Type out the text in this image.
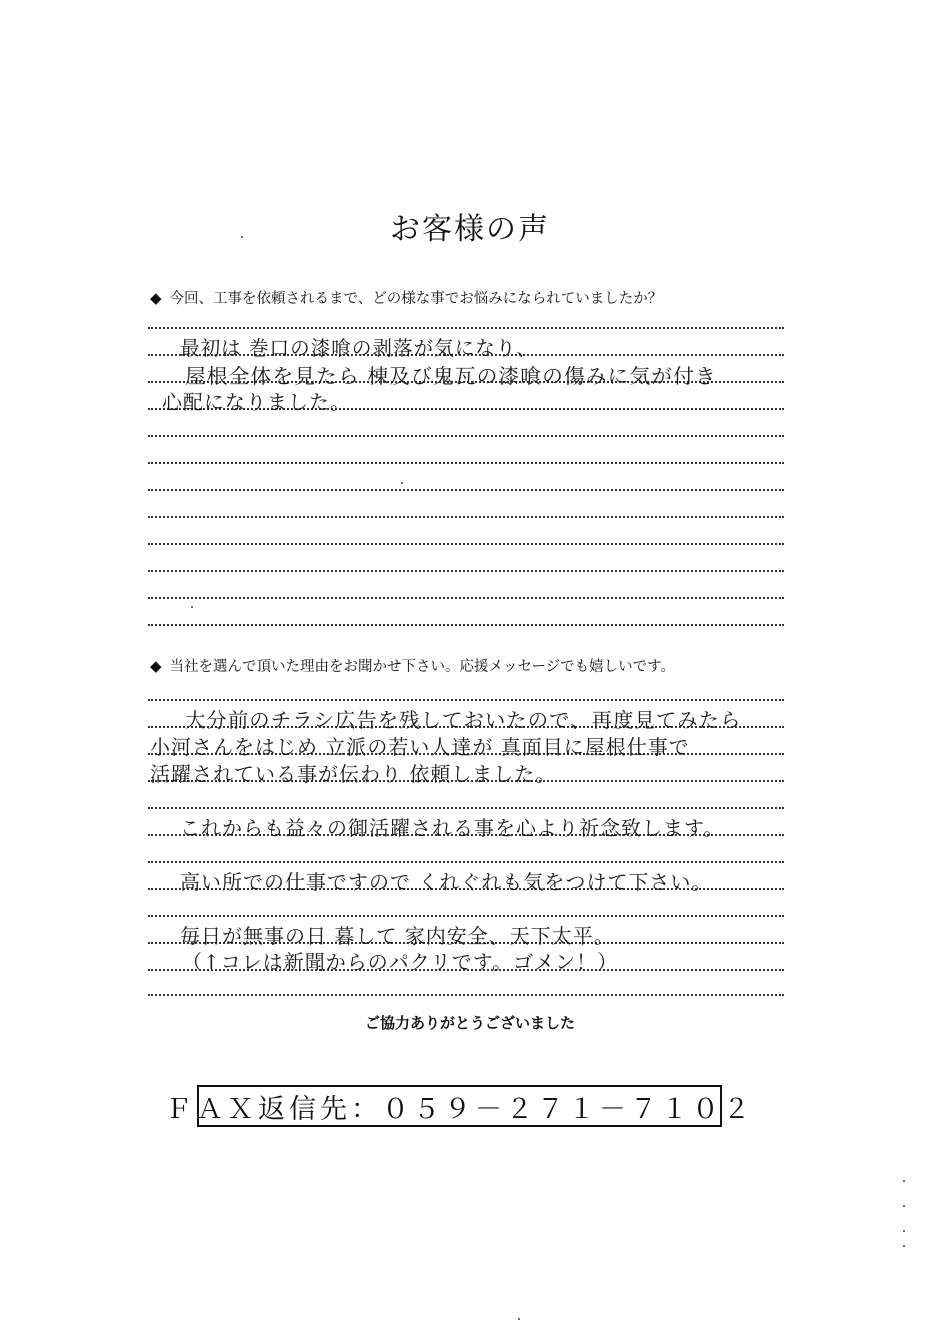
お客様の声
◆ 今回、工事を依頼されるまで、どの様な事でお悩みになられていましたか？
最初は 巻口の漆喰の剥落が気になり、
屋根全体を見たら 棟及び鬼瓦の漆喰の傷みに気が付き
心配になりました。
◆ 当社を選んで頂いた理由をお聞かせ下さい。応援メッセージでも嬉しいです。
大分前のチラシ広告を残しておいたので、再度見てみたら
小河さんをはじめ 立派の若い人達が 真面目に屋根仕事で
活躍されている事が伝わり 依頼しました。
これからも益々の御活躍される事を心より祈念致します。
高い所での仕事ですので くれぐれも気をつけて下さい。
毎日が無事の日 暮して 家内安全、天下太平。
（↑コレは新聞からのパクリです。ゴメン！）
ご協力ありがとうございました
ＦＡＸ返信先：０５９－２７１－７１０２
